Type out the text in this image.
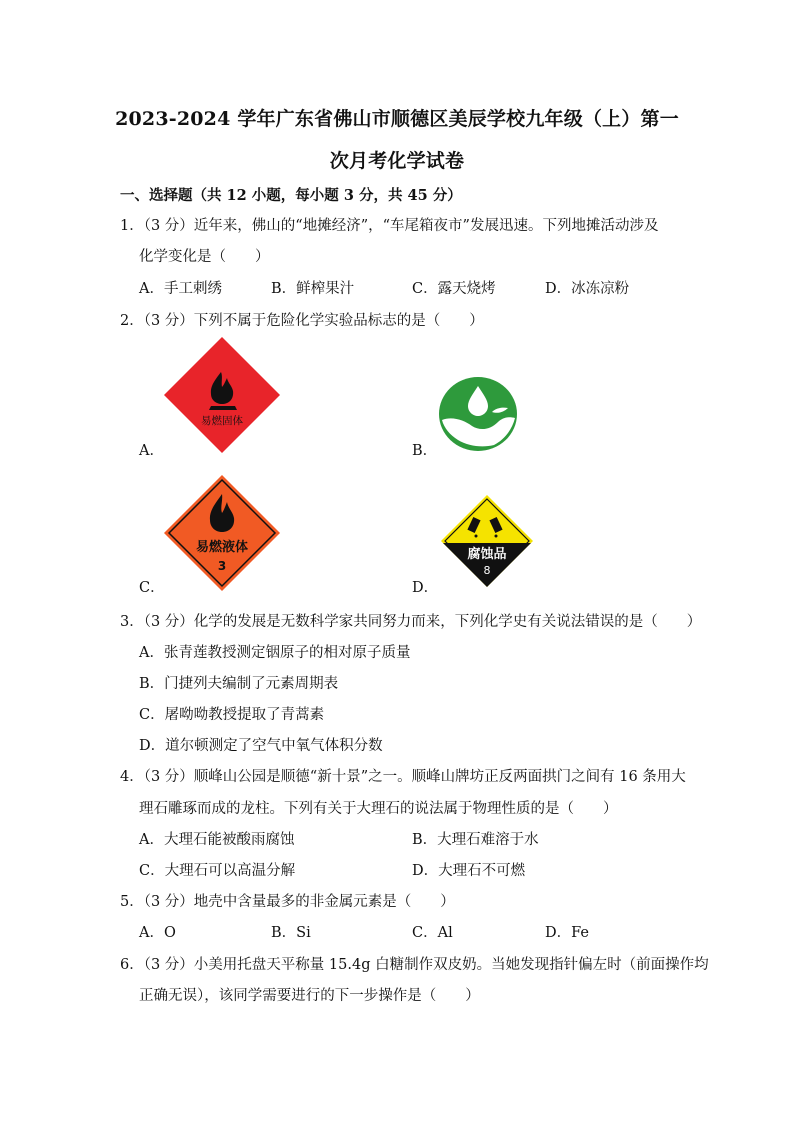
2023-2024 学年广东省佛山市顺德区美辰学校九年级（上）第一
次月考化学试卷
一、选择题（共 12 小题，每小题 3 分，共 45 分）
1．（3 分）近年来，佛山的“地摊经济”，“车尾箱夜市”发展迅速。下列地摊活动涉及
化学变化是（　　）
A．手工刺绣	B．鲜榨果汁	C．露天烧烤	D．冰冻凉粉
2．（3 分）下列不属于危险化学实验品标志的是（　　）
易燃固体
A．	B．
易燃液体
3
C．
腐蚀品
8
D．
3．（3 分）化学的发展是无数科学家共同努力而来，下列化学史有关说法错误的是（　　）
A．张青莲教授测定铟原子的相对原子质量
B．门捷列夫编制了元素周期表
C．屠呦呦教授提取了青蒿素
D．道尔顿测定了空气中氧气体积分数
4．（3 分）顺峰山公园是顺德“新十景”之一。顺峰山牌坊正反两面拱门之间有 16 条用大
理石雕琢而成的龙柱。下列有关于大理石的说法属于物理性质的是（　　）
A．大理石能被酸雨腐蚀	B．大理石难溶于水
C．大理石可以高温分解	D．大理石不可燃
5．（3 分）地壳中含量最多的非金属元素是（　　）
A．O	B．Si	C．Al	D．Fe
6．（3 分）小美用托盘天平称量 15.4g 白糖制作双皮奶。当她发现指针偏左时（前面操作均
正确无误），该同学需要进行的下一步操作是（　　）
